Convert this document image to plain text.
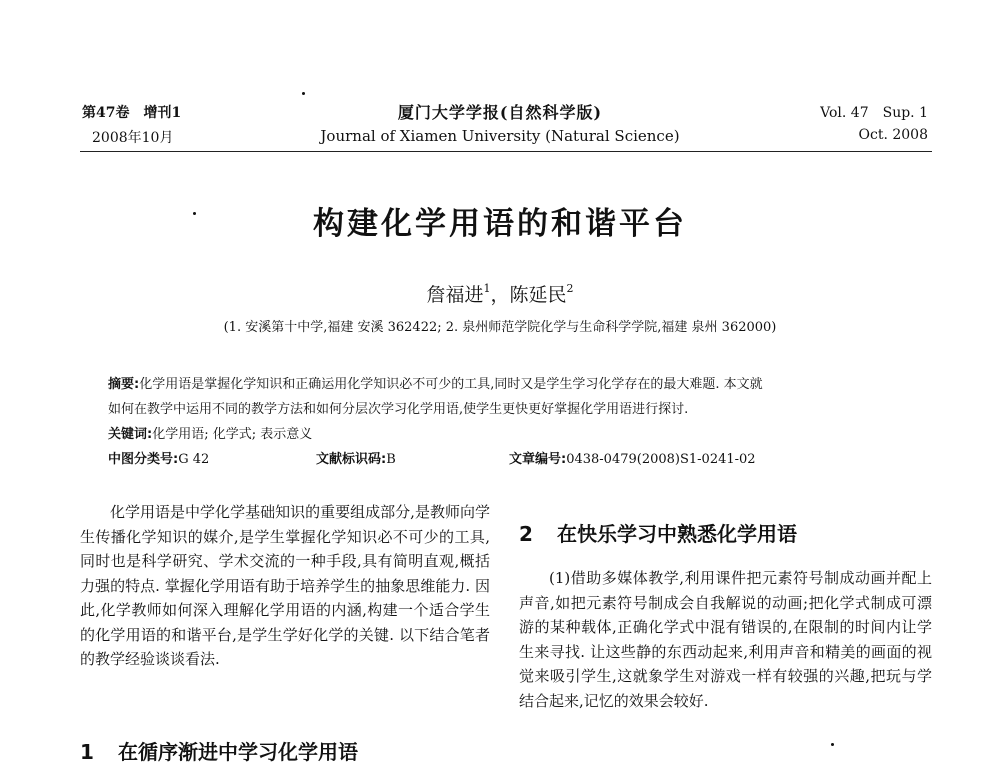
第47卷　增刊1
2008年10月
厦门大学学报(自然科学版)
Journal of Xiamen University (Natural Science)
Vol. 47　Sup. 1
Oct. 2008
构建化学用语的和谐平台
詹福进$^1$，陈延民$^2$
(1. 安溪第十中学,福建 安溪 362422; 2. 泉州师范学院化学与生命科学学院,福建 泉州 362000)
摘要:化学用语是掌握化学知识和正确运用化学知识必不可少的工具,同时又是学生学习化学存在的最大难题. 本文就
如何在教学中运用不同的教学方法和如何分层次学习化学用语,使学生更快更好掌握化学用语进行探讨.
关键词:化学用语; 化学式; 表示意义
中图分类号:G 42	文献标识码:B	文章编号:0438-0479(2008)S1-0241-02

化学用语是中学化学基础知识的重要组成部分,是教师向学生传播化学知识的媒介,是学生掌握化学知识必不可少的工具,同时也是科学研究、学术交流的一种手段,具有简明直观,概括力强的特点. 掌握化学用语有助于培养学生的抽象思维能力. 因此,化学教师如何深入理解化学用语的内涵,构建一个适合学生的化学用语的和谐平台,是学生学好化学的关键. 以下结合笔者的教学经验谈谈看法.

1 在循序渐进中学习化学用语
2 在快乐学习中熟悉化学用语

(1)借助多媒体教学,利用课件把元素符号制成动画并配上声音,如把元素符号制成会自我解说的动画;把化学式制成可漂游的某种载体,正确化学式中混有错误的,在限制的时间内让学生来寻找. 让这些静的东西动起来,利用声音和精美的画面的视觉来吸引学生,这就象学生对游戏一样有较强的兴趣,把玩与学结合起来,记忆的效果会较好.
